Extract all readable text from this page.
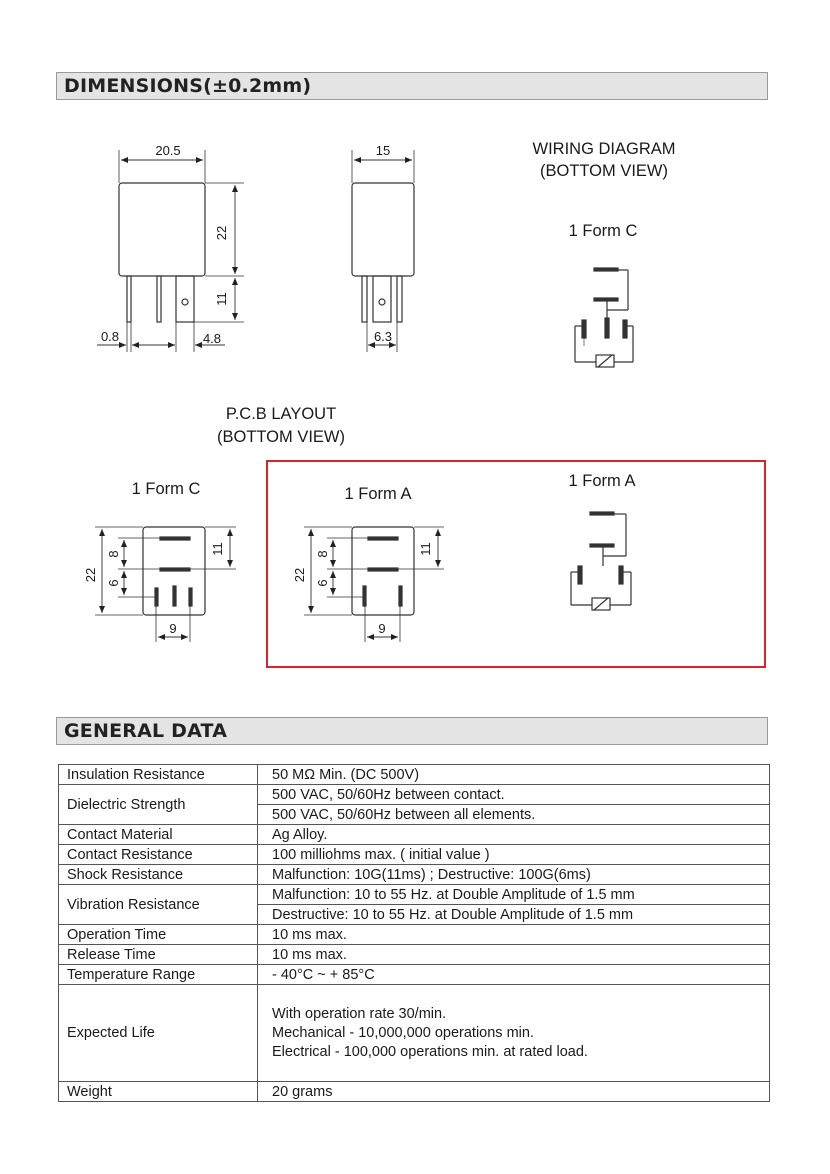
DIMENSIONS(±0.2mm)
20.5
22
11
0.8	4.8
15
6.3
WIRING DIAGRAM
(BOTTOM VIEW)
1 Form C
P.C.B LAYOUT
(BOTTOM VIEW)
1 Form C
22
8
6
11
9
1 Form A
22
8
6
11
9
1 Form A
GENERAL DATA
Insulation Resistance	50 MΩ Min. (DC 500V)
Dielectric Strength	500 VAC, 50/60Hz between contact.
	500 VAC, 50/60Hz between all elements.
Contact Material	Ag Alloy.
Contact Resistance	100 milliohms max. ( initial value )
Shock Resistance	Malfunction: 10G(11ms) ; Destructive: 100G(6ms)
Vibration Resistance	Malfunction: 10 to 55 Hz. at Double Amplitude of 1.5 mm
	Destructive: 10 to 55 Hz. at Double Amplitude of 1.5 mm
Operation Time	10 ms max.
Release Time	10 ms max.
Temperature Range	- 40°C ~ + 85°C
Expected Life	With operation rate 30/min.
Mechanical - 10,000,000 operations min.
Electrical - 100,000 operations min. at rated load.

Weight	20 grams
